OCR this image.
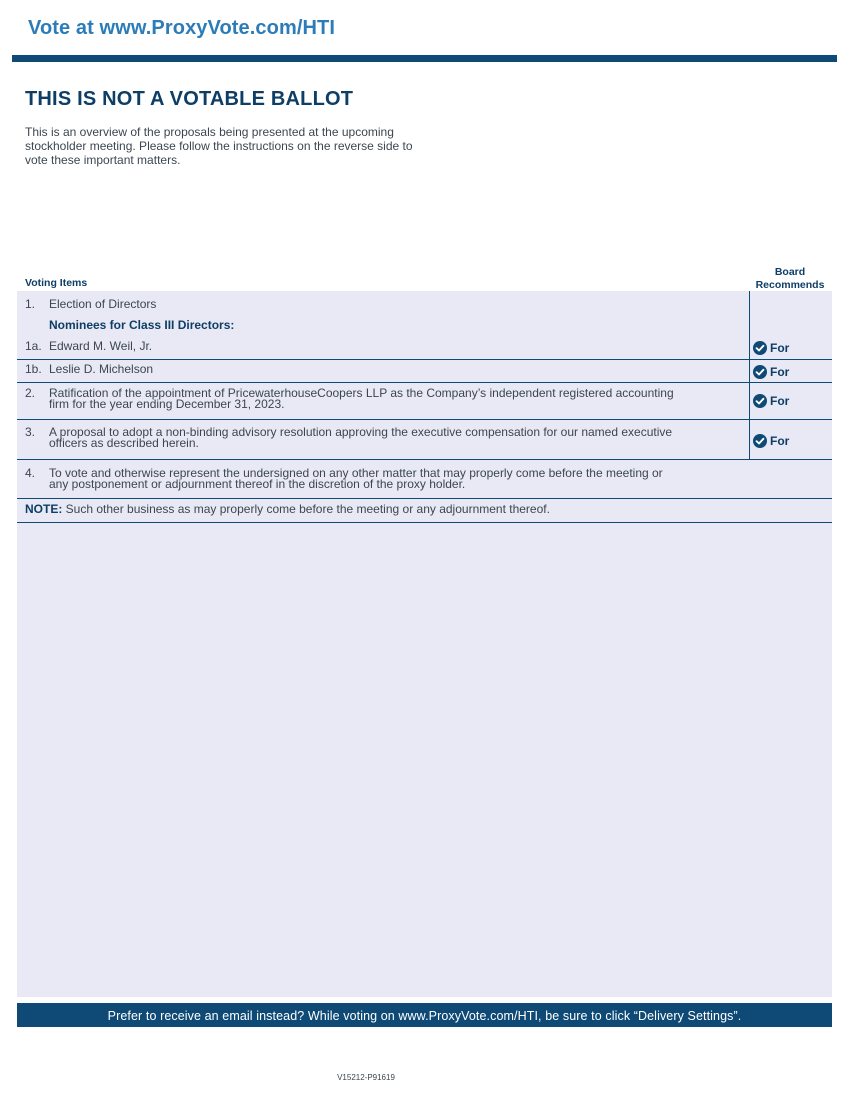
Vote at www.ProxyVote.com/HTI
THIS IS NOT A VOTABLE BALLOT
This is an overview of the proposals being presented at the upcoming stockholder meeting. Please follow the instructions on the reverse side to vote these important matters.
Voting Items
Board
Recommends
1. Election of Directors
Nominees for Class III Directors:
1a. Edward M. Weil, Jr.	For
1b. Leslie D. Michelson	For
2. Ratification of the appointment of PricewaterhouseCoopers LLP as the Company’s independent registered accounting
firm for the year ending December 31, 2023.	For
3. A proposal to adopt a non-binding advisory resolution approving the executive compensation for our named executive
officers as described herein.	For
4. To vote and otherwise represent the undersigned on any other matter that may properly come before the meeting or
any postponement or adjournment thereof in the discretion of the proxy holder.
NOTE: Such other business as may properly come before the meeting or any adjournment thereof.
Prefer to receive an email instead? While voting on www.ProxyVote.com/HTI, be sure to click “Delivery Settings”.
V15212-P91619
